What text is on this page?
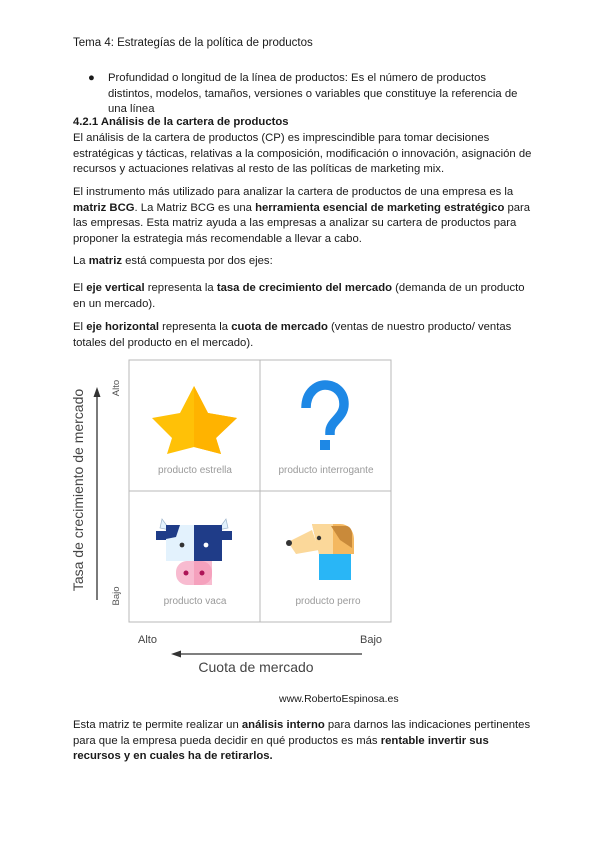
Tema 4: Estrategías de la política de productos
● Profundidad o longitud de la línea de productos: Es el número de productos distintos, modelos, tamaños, versiones o variables que constituye la referencia de una línea
4.2.1 Análisis de la cartera de productos
El análisis de la cartera de productos (CP) es imprescindible para tomar decisiones estratégicas y tácticas, relativas a la composición, modificación o innovación, asignación de recursos y actuaciones relativas al resto de las políticas de marketing mix.
El instrumento más utilizado para analizar la cartera de productos de una empresa es la matriz BCG. La Matriz BCG es una herramienta esencial de marketing estratégico para las empresas. Esta matriz ayuda a las empresas a analizar su cartera de productos para proponer la estrategia más recomendable a llevar a cabo.
La matriz está compuesta por dos ejes:
El eje vertical representa la tasa de crecimiento del mercado (demanda de un producto en un mercado).
El eje horizontal representa la cuota de mercado (ventas de nuestro producto/ ventas totales del producto en el mercado).
Tasa de crecimiento de mercado
Alto
Bajo
Alto	Bajo
Cuota de mercado
producto estrella	producto interrogante
producto vaca	producto perro
www.RobertoEspinosa.es
Esta matriz te permite realizar un análisis interno para darnos las indicaciones pertinentes para que la empresa pueda decidir en qué productos es más rentable invertir sus recursos y en cuales ha de retirarlos.
